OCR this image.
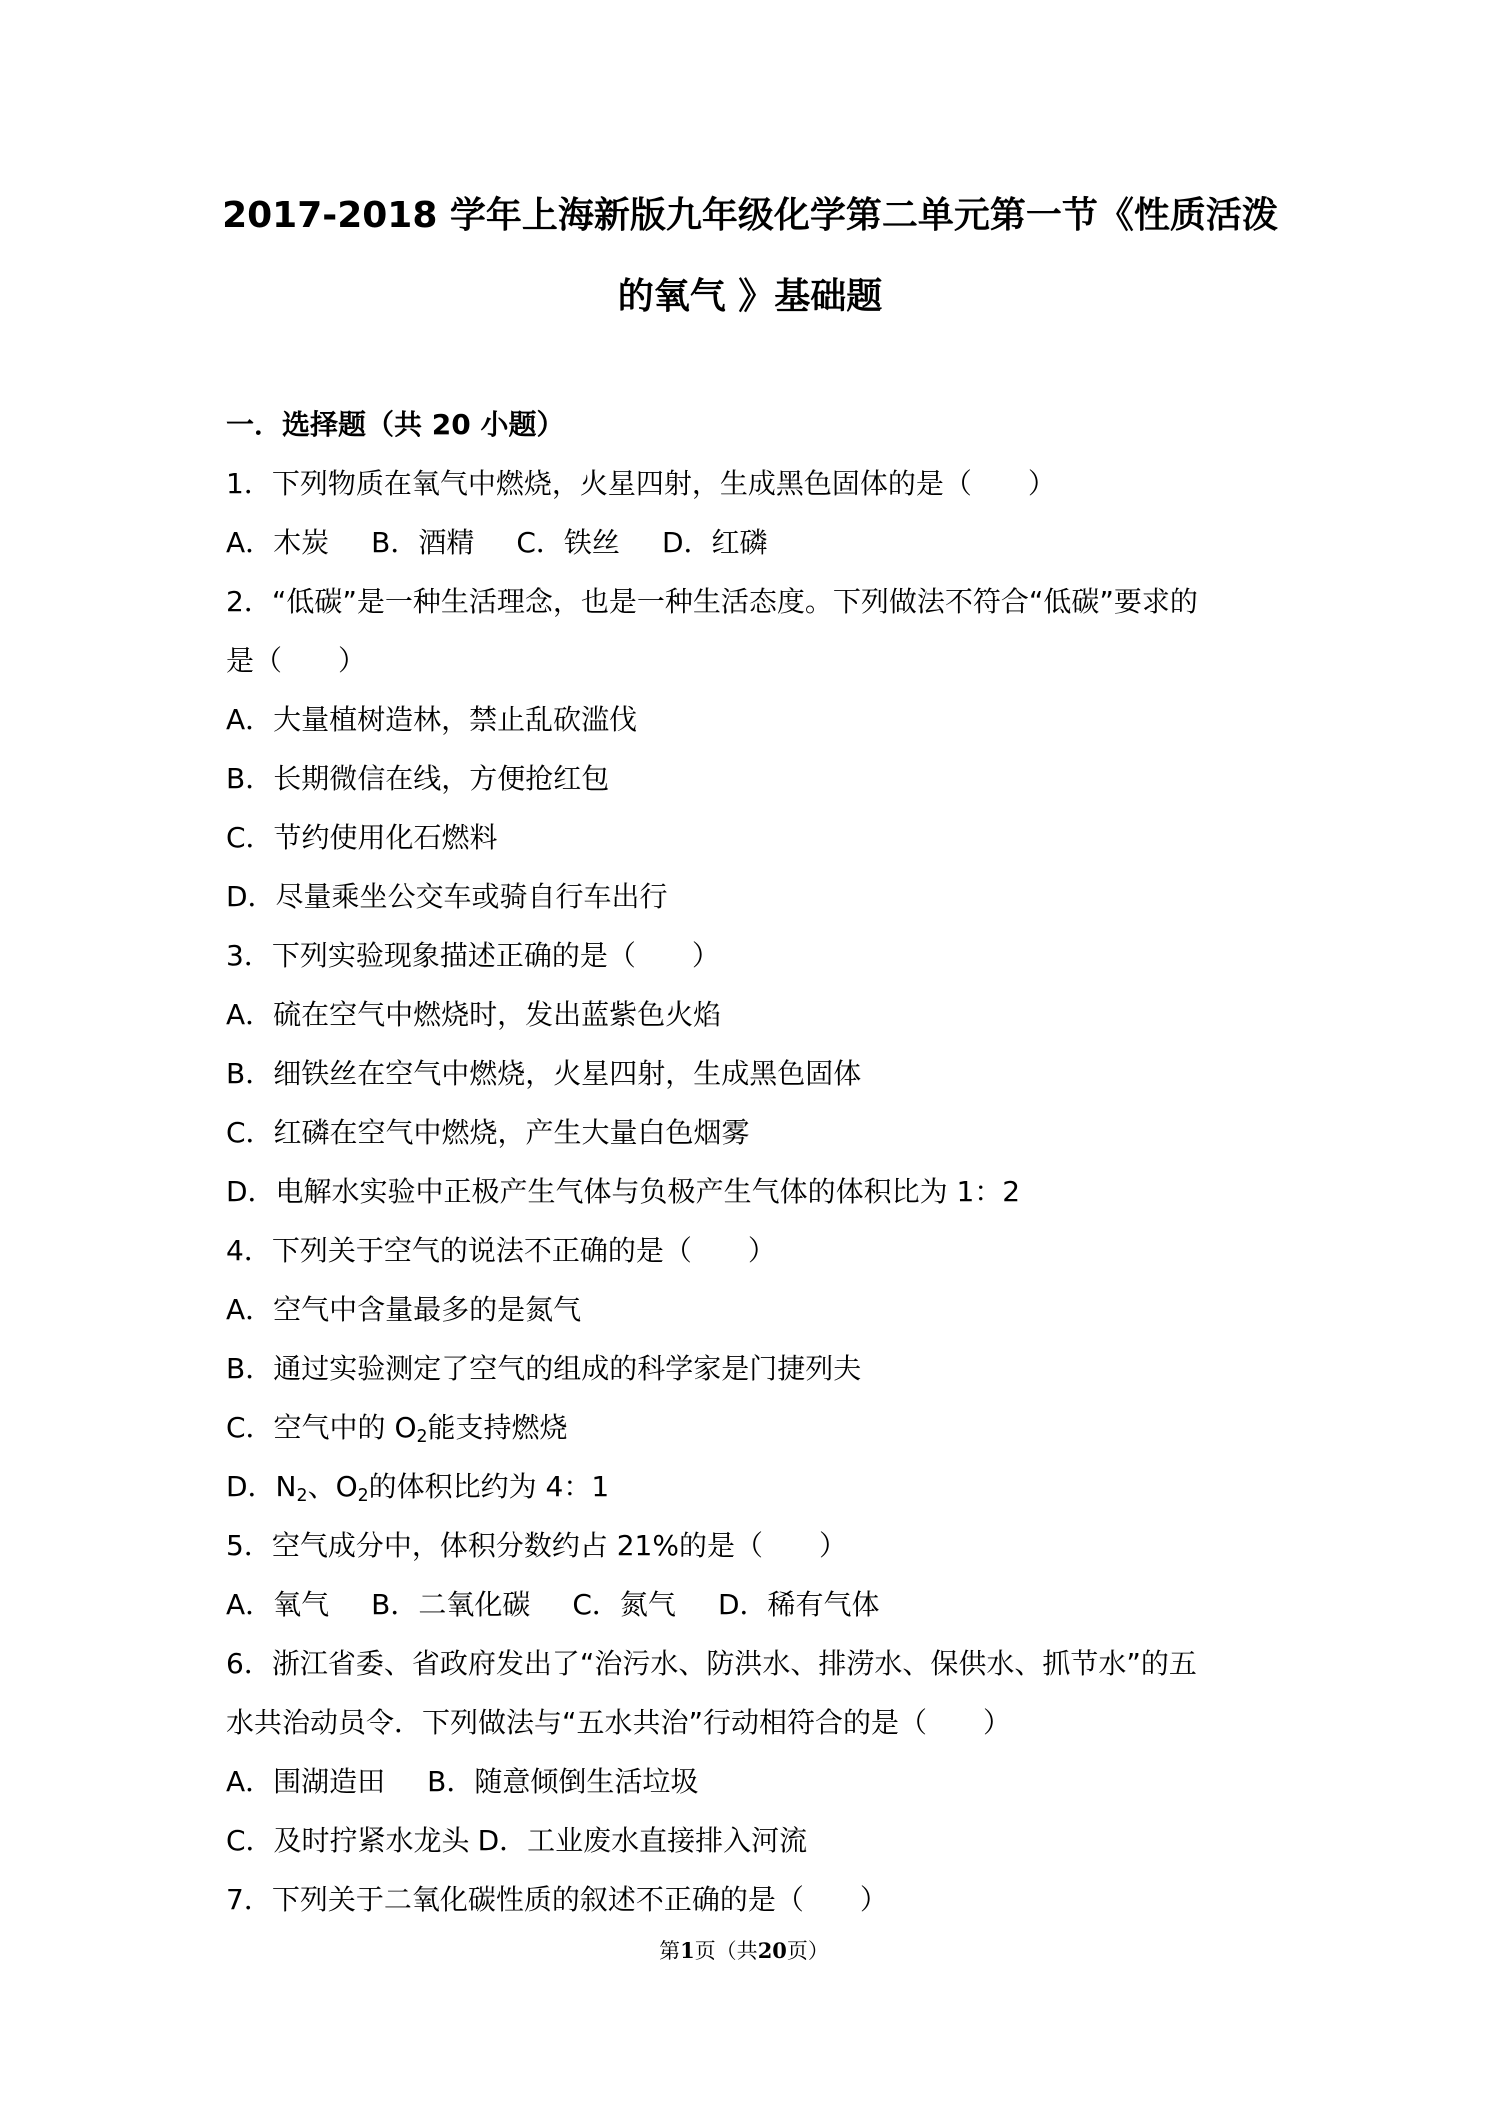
2017-2018 学年上海新版九年级化学第二单元第一节《性质活泼
的氧气 》基础题
一．选择题（共 20 小题）
1．下列物质在氧气中燃烧，火星四射，生成黑色固体的是（　　）
A．木炭 B．酒精 C．铁丝 D．红磷
2．“低碳”是一种生活理念，也是一种生活态度。下列做法不符合“低碳”要求的
是（　　）
A．大量植树造林，禁止乱砍滥伐
B．长期微信在线，方便抢红包
C．节约使用化石燃料
D．尽量乘坐公交车或骑自行车出行
3．下列实验现象描述正确的是（　　）
A．硫在空气中燃烧时，发出蓝紫色火焰
B．细铁丝在空气中燃烧，火星四射，生成黑色固体
C．红磷在空气中燃烧，产生大量白色烟雾
D．电解水实验中正极产生气体与负极产生气体的体积比为 1：2
4．下列关于空气的说法不正确的是（　　）
A．空气中含量最多的是氮气
B．通过实验测定了空气的组成的科学家是门捷列夫
C．空气中的 $O_2$能支持燃烧
D．$N_2$、$O_2$的体积比约为 4：1
5．空气成分中，体积分数约占 21%的是（　　）
A．氧气 B．二氧化碳 C．氮气 D．稀有气体
6．浙江省委、省政府发出了“治污水、防洪水、排涝水、保供水、抓节水”的五
水共治动员令．下列做法与“五水共治”行动相符合的是（　　）
A．围湖造田 B．随意倾倒生活垃圾
C．及时拧紧水龙头 D．工业废水直接排入河流
7．下列关于二氧化碳性质的叙述不正确的是（　　）
第1页（共20页）
